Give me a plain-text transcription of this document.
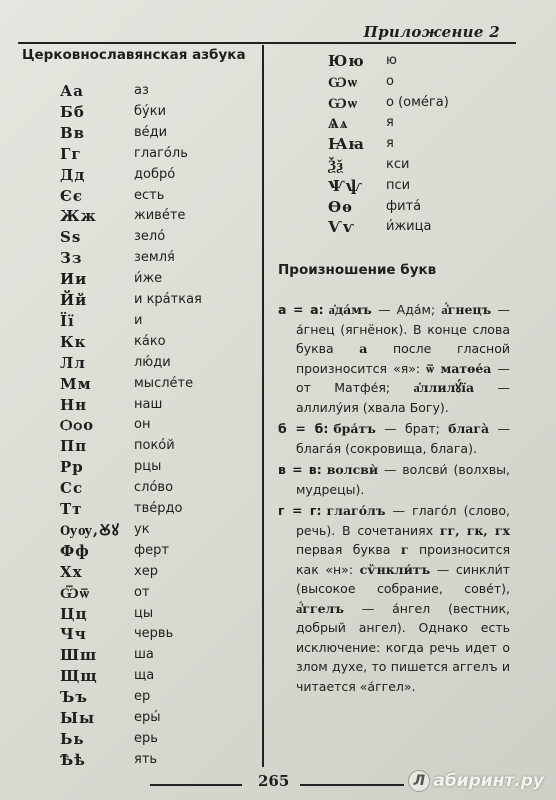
Приложение 2
Церковнославянская азбука
Аа	аз
Бб	бу́ки
Вв	ве́ди
Гг	глаго́ль
Дд	добро́
Єє	есть
Жж	живе́те
Ѕѕ	зело́
Зз	земля́
Ии	и́же
Йй	и кра́ткая
Її	и
Кк	ка́ко
Лл	лю́ди
Мм	мысле́те
Нн	наш
Ѻѻо	он
Пп	поко́й
Рр	рцы
Сс	сло́во
Тт	тве́рдо
Ѹѹ,Ꙋꙋ ук
Фф	ферт
Хх	хер
Ѿѿ	от
Цц	цы
Чч	червь
Шш	ша
Щщ	ща
Ъъ	ер
Ыы	еры́
Ьь	ерь
Ѣѣ	ять
Юю ю
Ѡѡ о
Ѡѡ о (оме́га)
Ѧѧ	я
Ꙗꙗ я
Ѯѯ	кси
Ѱѱ пси
Ѳѳ	фита́
Ѵѵ и́жица
Произношение букв

а = а: а҆да́мъ — Ада́м; а҆́гнецъ — а́гнец (ягнёнок). В конце слова буква а после гласной произносится «я»: ѿ матѳе́а — от Матфе́я; а҆ллилꙋ́їа — аллилу́ия (хвала Богу).

б = б: бра́тъ — брат; блага̀ — блага́я (сокровища, блага).

в = в: волсвѝ — волсви́ (волхвы, мудрецы).

г = г: глаго́лъ — глаго́л (слово, речь). В сочетаниях гг, гк, гх первая буква г произносится как «н»: сѷнкли́тъ — синкли́т (высокое собрание, сове́т), а҆́ггелъ — а́нгел (вестник, добрый ангел). Однако есть исключение: когда речь идет о злом духе, то пишется аггелъ и читается «а́ггел».

265	Л абиринт.ру
